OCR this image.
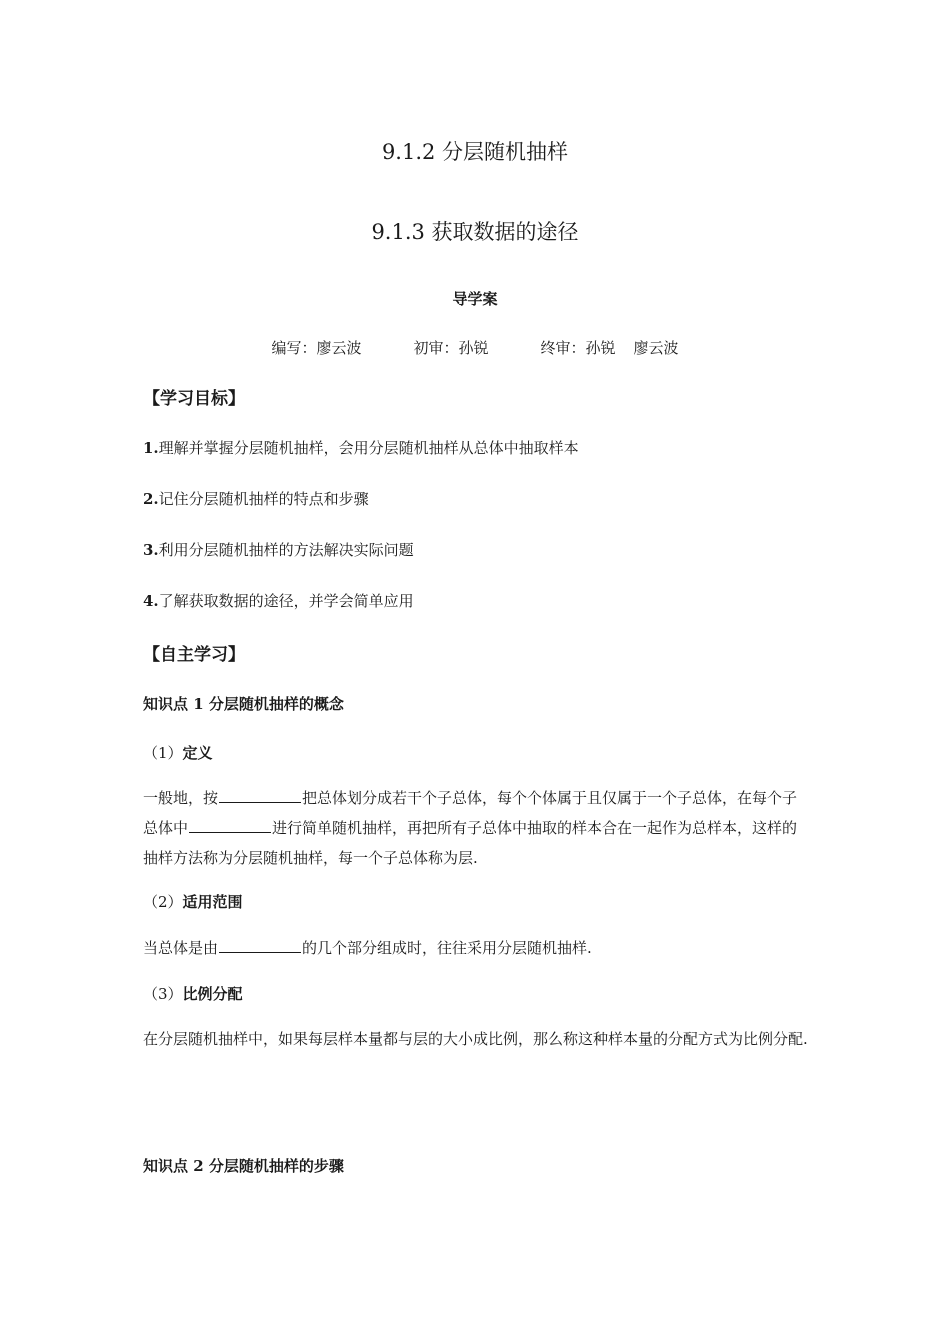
9.1.2 分层随机抽样
9.1.3 获取数据的途径
导学案
编写：廖云波	初审：孙锐	终审：孙锐 廖云波
【学习目标】
1.理解并掌握分层随机抽样，会用分层随机抽样从总体中抽取样本
2.记住分层随机抽样的特点和步骤
3.利用分层随机抽样的方法解决实际问题
4.了解获取数据的途径，并学会简单应用
【自主学习】
知识点 1 分层随机抽样的概念
（1）定义
一般地，按	把总体划分成若干个子总体，每个个体属于且仅属于一个子总体，在每个子总体中	进行简单随机抽样，再把所有子总体中抽取的样本合在一起作为总样本，这样的抽样方法称为分层随机抽样，每一个子总体称为层.
（2）适用范围
当总体是由	的几个部分组成时，往往采用分层随机抽样.
（3）比例分配
在分层随机抽样中，如果每层样本量都与层的大小成比例，那么称这种样本量的分配方式为比例分配.
知识点 2 分层随机抽样的步骤
